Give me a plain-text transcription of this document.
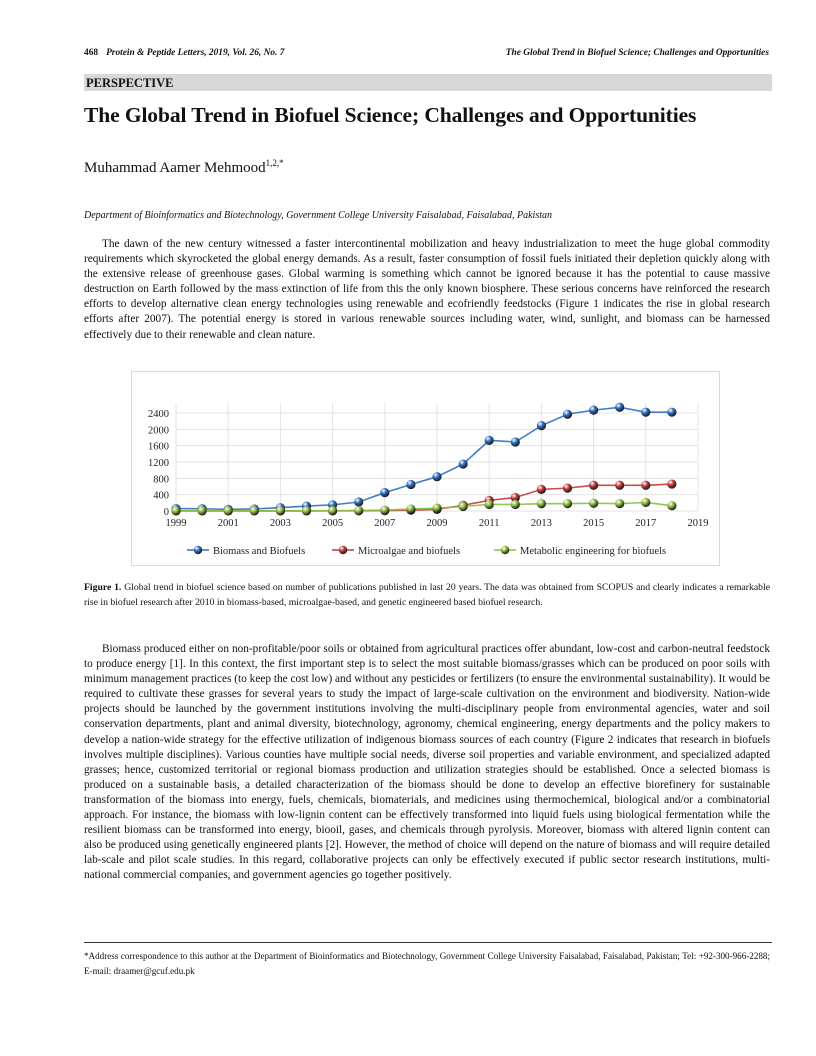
468 Protein & Peptide Letters, 2019, Vol. 26, No. 7	The Global Trend in Biofuel Science; Challenges and Opportunities
PERSPECTIVE
The Global Trend in Biofuel Science; Challenges and Opportunities
Muhammad Aamer Mehmood$^{1,2,*}$
Department of Bioinformatics and Biotechnology, Government College University Faisalabad, Faisalabad, Pakistan
The dawn of the new century witnessed a faster intercontinental mobilization and heavy industrialization to meet the huge global commodity requirements which skyrocketed the global energy demands. As a result, faster consumption of fossil fuels initiated their depletion quickly along with the extensive release of greenhouse gases. Global warming is something which cannot be ignored because it has the potential to cause massive destruction on Earth followed by the mass extinction of life from this the only known biosphere. These serious concerns have reinforced the research efforts to develop alternative clean energy technologies using renewable and ecofriendly feedstocks (Figure 1 indicates the rise in global research efforts after 2007). The potential energy is stored in various renewable sources including water, wind, sunlight, and biomass can be harnessed effectively due to their renewable and clean nature.
0
400
800
1200
1600
2000
2400
1999	2001	2003	2005	2007	2009	2011	2013	2015	2017	2019
Biomass and Biofuels	Microalgae and biofuels	Metabolic engineering for biofuels
Figure 1. Global trend in biofuel science based on number of publications published in last 20 years. The data was obtained from SCOPUS and clearly indicates a remarkable rise in biofuel research after 2010 in biomass-based, microalgae-based, and genetic engineered based biofuel research.
Biomass produced either on non-profitable/poor soils or obtained from agricultural practices offer abundant, low-cost and carbon-neutral feedstock to produce energy [1]. In this context, the first important step is to select the most suitable biomass/grasses which can be produced on poor soils with minimum management practices (to keep the cost low) and without any pesticides or fertilizers (to ensure the environmental sustainability). It would be required to cultivate these grasses for several years to study the impact of large-scale cultivation on the environment and biodiversity. Nation-wide projects should be launched by the government institutions involving the multi-disciplinary people from environmental agencies, water and soil conservation departments, plant and animal diversity, biotechnology, agronomy, chemical engineering, energy departments and the policy makers to develop a nation-wide strategy for the effective utilization of indigenous biomass sources of each country (Figure 2 indicates that research in biofuels involves multiple disciplines). Various counties have multiple social needs, diverse soil properties and variable environment, and specialized adapted grasses; hence, customized territorial or regional biomass production and utilization strategies should be established. Once a selected biomass is produced on a sustainable basis, a detailed characterization of the biomass should be done to develop an effective biorefinery for sustainable transformation of the biomass into energy, fuels, chemicals, biomaterials, and medicines using thermochemical, biological and/or a combinatorial approach. For instance, the biomass with low-lignin content can be effectively transformed into liquid fuels using biological fermentation while the resilient biomass can be transformed into energy, biooil, gases, and chemicals through pyrolysis. Moreover, biomass with altered lignin content can also be produced using genetically engineered plants [2]. However, the method of choice will depend on the nature of biomass and will require detailed lab-scale and pilot scale studies. In this regard, collaborative projects can only be effectively executed if public sector research institutions, multi-national commercial companies, and government agencies go together positively.
*Address correspondence to this author at the Department of Bioinformatics and Biotechnology, Government College University Faisalabad, Faisalabad, Pakistan; Tel: +92-300-966-2288; E-mail: draamer@gcuf.edu.pk
